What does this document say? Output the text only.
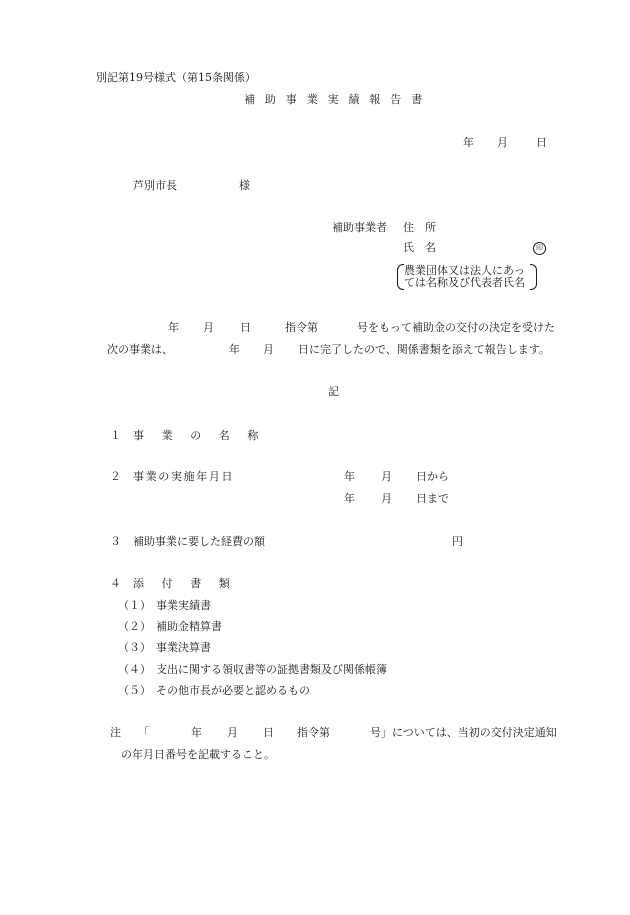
別記第19号様式（第15条関係）
補助事業実績報告書
年 月	日
芦別市長	様
補助事業者 住　所
氏　名	印
農業団体又は法人にあっ
ては名称及び代表者氏名
年 月 日	指令第	号をもって補助金の交付の決定を受けた
次の事業は、	年 月 日に完了したので、関係書類を添えて報告します。
記
１ 事業の名称
２ 事業の実施年月日	年 月 日から
年 月 日まで
３ 補助事業に要した経費の額	円
４ 添付書類
（１） 事業実績書
（２） 補助金精算書
（３） 事業決算書
（４） 支出に関する領収書等の証拠書類及び関係帳簿
（５） その他市長が必要と認めるもの
注 「	年 月 日 指令第	号」については、当初の交付決定通知
の年月日番号を記載すること。
